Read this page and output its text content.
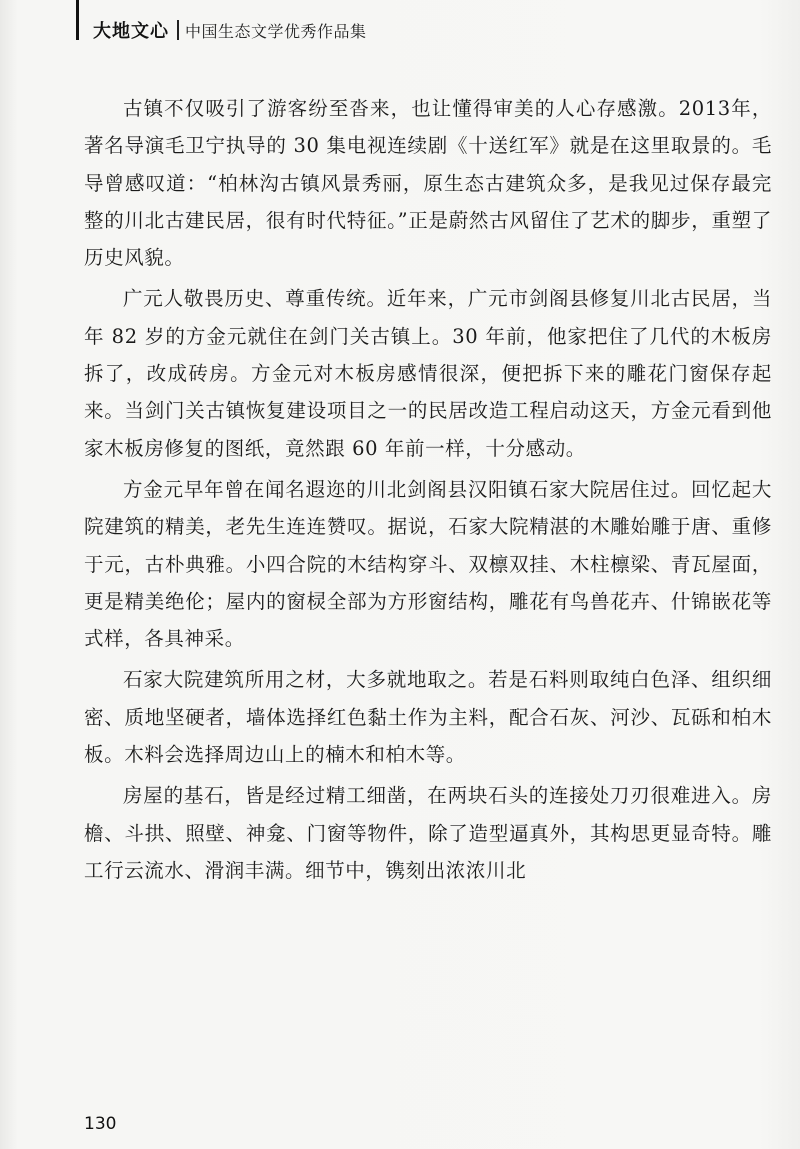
大地文心 中国生态文学优秀作品集

古镇不仅吸引了游客纷至沓来，也让懂得审美的人心存感激。2013年，著名导演毛卫宁执导的 30 集电视连续剧《十送红军》就是在这里取景的。毛导曾感叹道：“柏林沟古镇风景秀丽，原生态古建筑众多，是我见过保存最完整的川北古建民居，很有时代特征。”正是蔚然古风留住了艺术的脚步，重塑了历史风貌。

广元人敬畏历史、尊重传统。近年来，广元市剑阁县修复川北古民居，当年 82 岁的方金元就住在剑门关古镇上。30 年前，他家把住了几代的木板房拆了，改成砖房。方金元对木板房感情很深，便把拆下来的雕花门窗保存起来。当剑门关古镇恢复建设项目之一的民居改造工程启动这天，方金元看到他家木板房修复的图纸，竟然跟 60 年前一样，十分感动。

方金元早年曾在闻名遐迩的川北剑阁县汉阳镇石家大院居住过。回忆起大院建筑的精美，老先生连连赞叹。据说，石家大院精湛的木雕始雕于唐、重修于元，古朴典雅。小四合院的木结构穿斗、双檩双挂、木柱檩梁、青瓦屋面，更是精美绝伦；屋内的窗棂全部为方形窗结构，雕花有鸟兽花卉、什锦嵌花等式样，各具神采。

石家大院建筑所用之材，大多就地取之。若是石料则取纯白色泽、组织细密、质地坚硬者，墙体选择红色黏土作为主料，配合石灰、河沙、瓦砾和柏木板。木料会选择周边山上的楠木和柏木等。

房屋的基石，皆是经过精工细凿，在两块石头的连接处刀刃很难进入。房檐、斗拱、照壁、神龛、门窗等物件，除了造型逼真外，其构思更显奇特。雕工行云流水、滑润丰满。细节中，镌刻出浓浓川北

130
